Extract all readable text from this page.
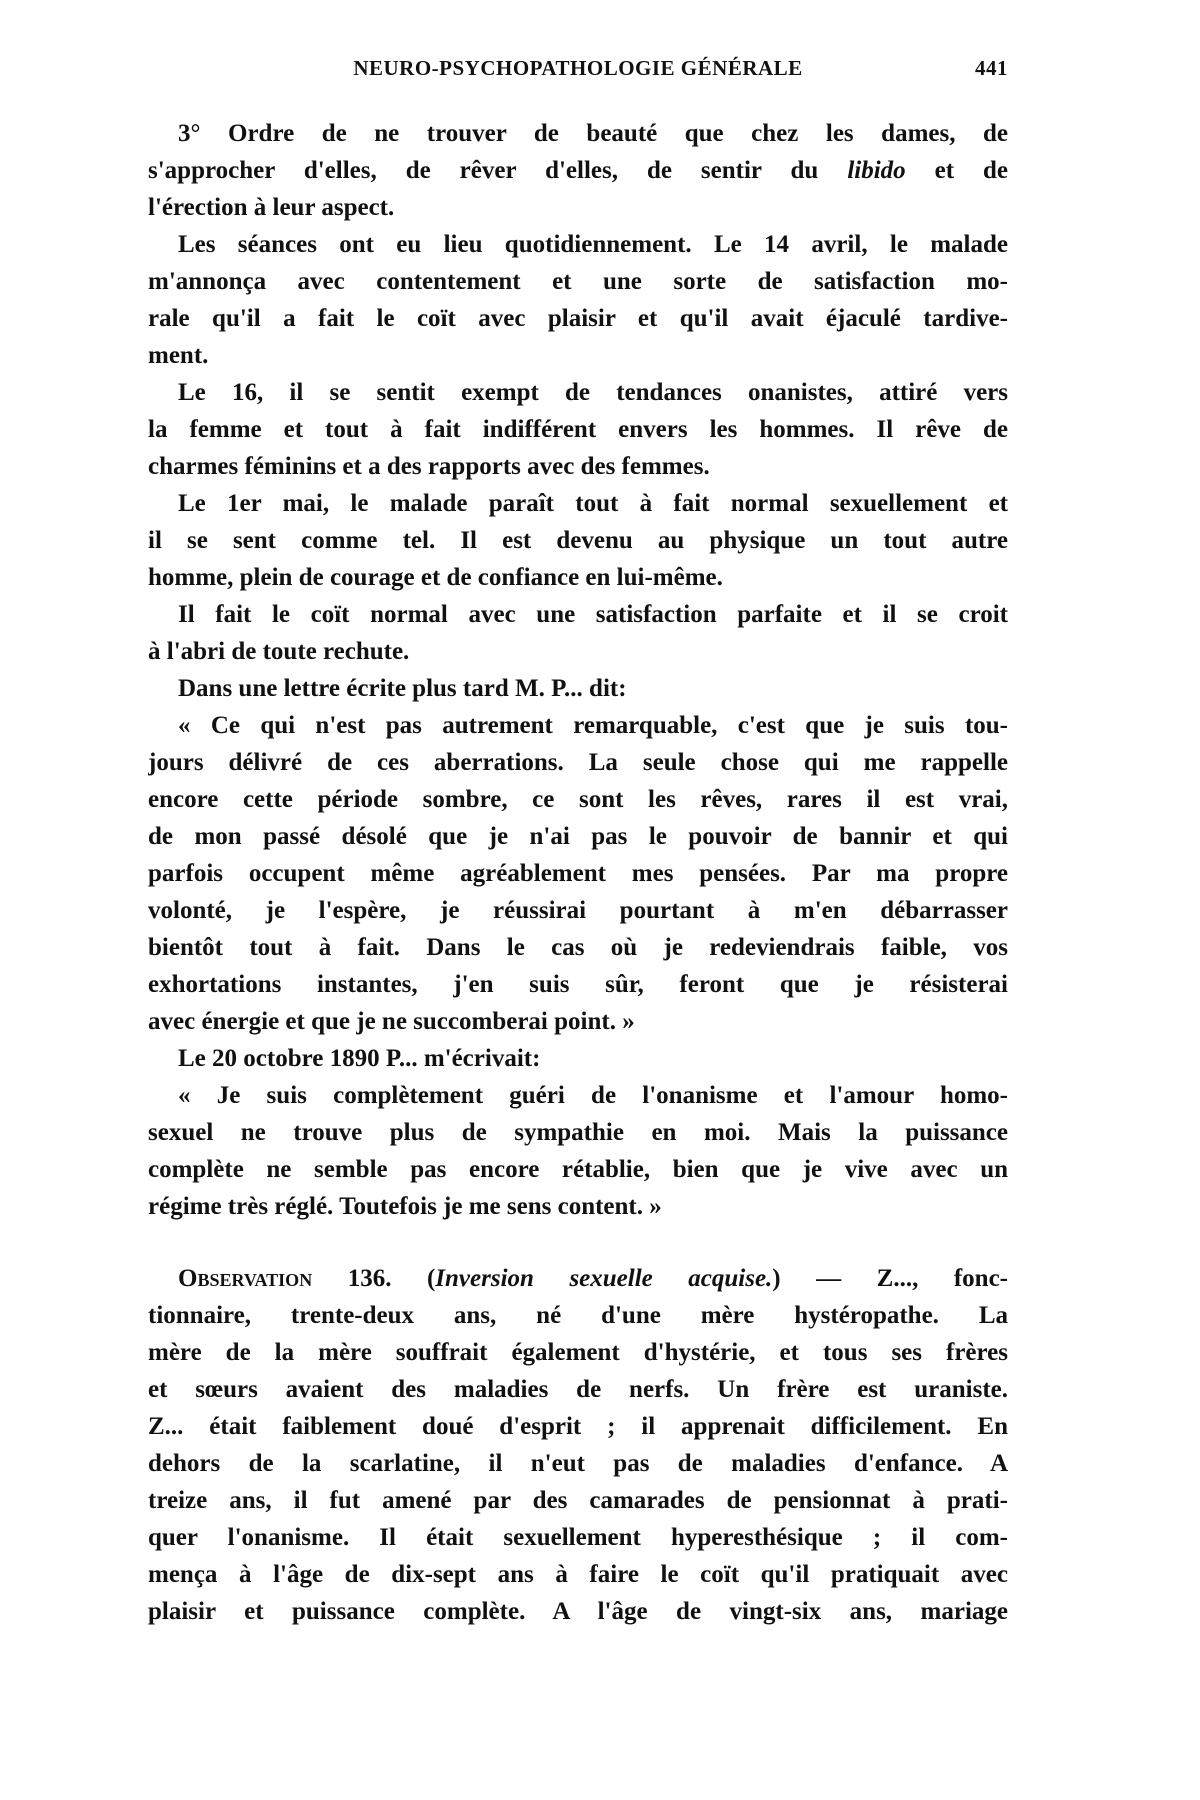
NEURO-PSYCHOPATHOLOGIE GÉNÉRALE	441
3° Ordre de ne trouver de beauté que chez les dames, de
s'approcher d'elles, de rêver d'elles, de sentir du libido et de
l'érection à leur aspect.
Les séances ont eu lieu quotidiennement. Le 14 avril, le malade
m'annonça avec contentement et une sorte de satisfaction mo-
rale qu'il a fait le coït avec plaisir et qu'il avait éjaculé tardive-
ment.
Le 16, il se sentit exempt de tendances onanistes, attiré vers
la femme et tout à fait indifférent envers les hommes. Il rêve de
charmes féminins et a des rapports avec des femmes.
Le 1er mai, le malade paraît tout à fait normal sexuellement et
il se sent comme tel. Il est devenu au physique un tout autre
homme, plein de courage et de confiance en lui-même.
Il fait le coït normal avec une satisfaction parfaite et il se croit
à l'abri de toute rechute.
Dans une lettre écrite plus tard M. P... dit:
« Ce qui n'est pas autrement remarquable, c'est que je suis tou-
jours délivré de ces aberrations. La seule chose qui me rappelle
encore cette période sombre, ce sont les rêves, rares il est vrai,
de mon passé désolé que je n'ai pas le pouvoir de bannir et qui
parfois occupent même agréablement mes pensées. Par ma propre
volonté, je l'espère, je réussirai pourtant à m'en débarrasser
bientôt tout à fait. Dans le cas où je redeviendrais faible, vos
exhortations instantes, j'en suis sûr, feront que je résisterai
avec énergie et que je ne succomberai point. »
Le 20 octobre 1890 P... m'écrivait:
« Je suis complètement guéri de l'onanisme et l'amour homo-
sexuel ne trouve plus de sympathie en moi. Mais la puissance
complète ne semble pas encore rétablie, bien que je vive avec un
régime très réglé. Toutefois je me sens content. »
Observation 136. (Inversion sexuelle acquise.) — Z..., fonc-
tionnaire, trente-deux ans, né d'une mère hystéropathe. La
mère de la mère souffrait également d'hystérie, et tous ses frères
et sœurs avaient des maladies de nerfs. Un frère est uraniste.
Z... était faiblement doué d'esprit ; il apprenait difficilement. En
dehors de la scarlatine, il n'eut pas de maladies d'enfance. A
treize ans, il fut amené par des camarades de pensionnat à prati-
quer l'onanisme. Il était sexuellement hyperesthésique ; il com-
mença à l'âge de dix-sept ans à faire le coït qu'il pratiquait avec
plaisir et puissance complète. A l'âge de vingt-six ans, mariage
